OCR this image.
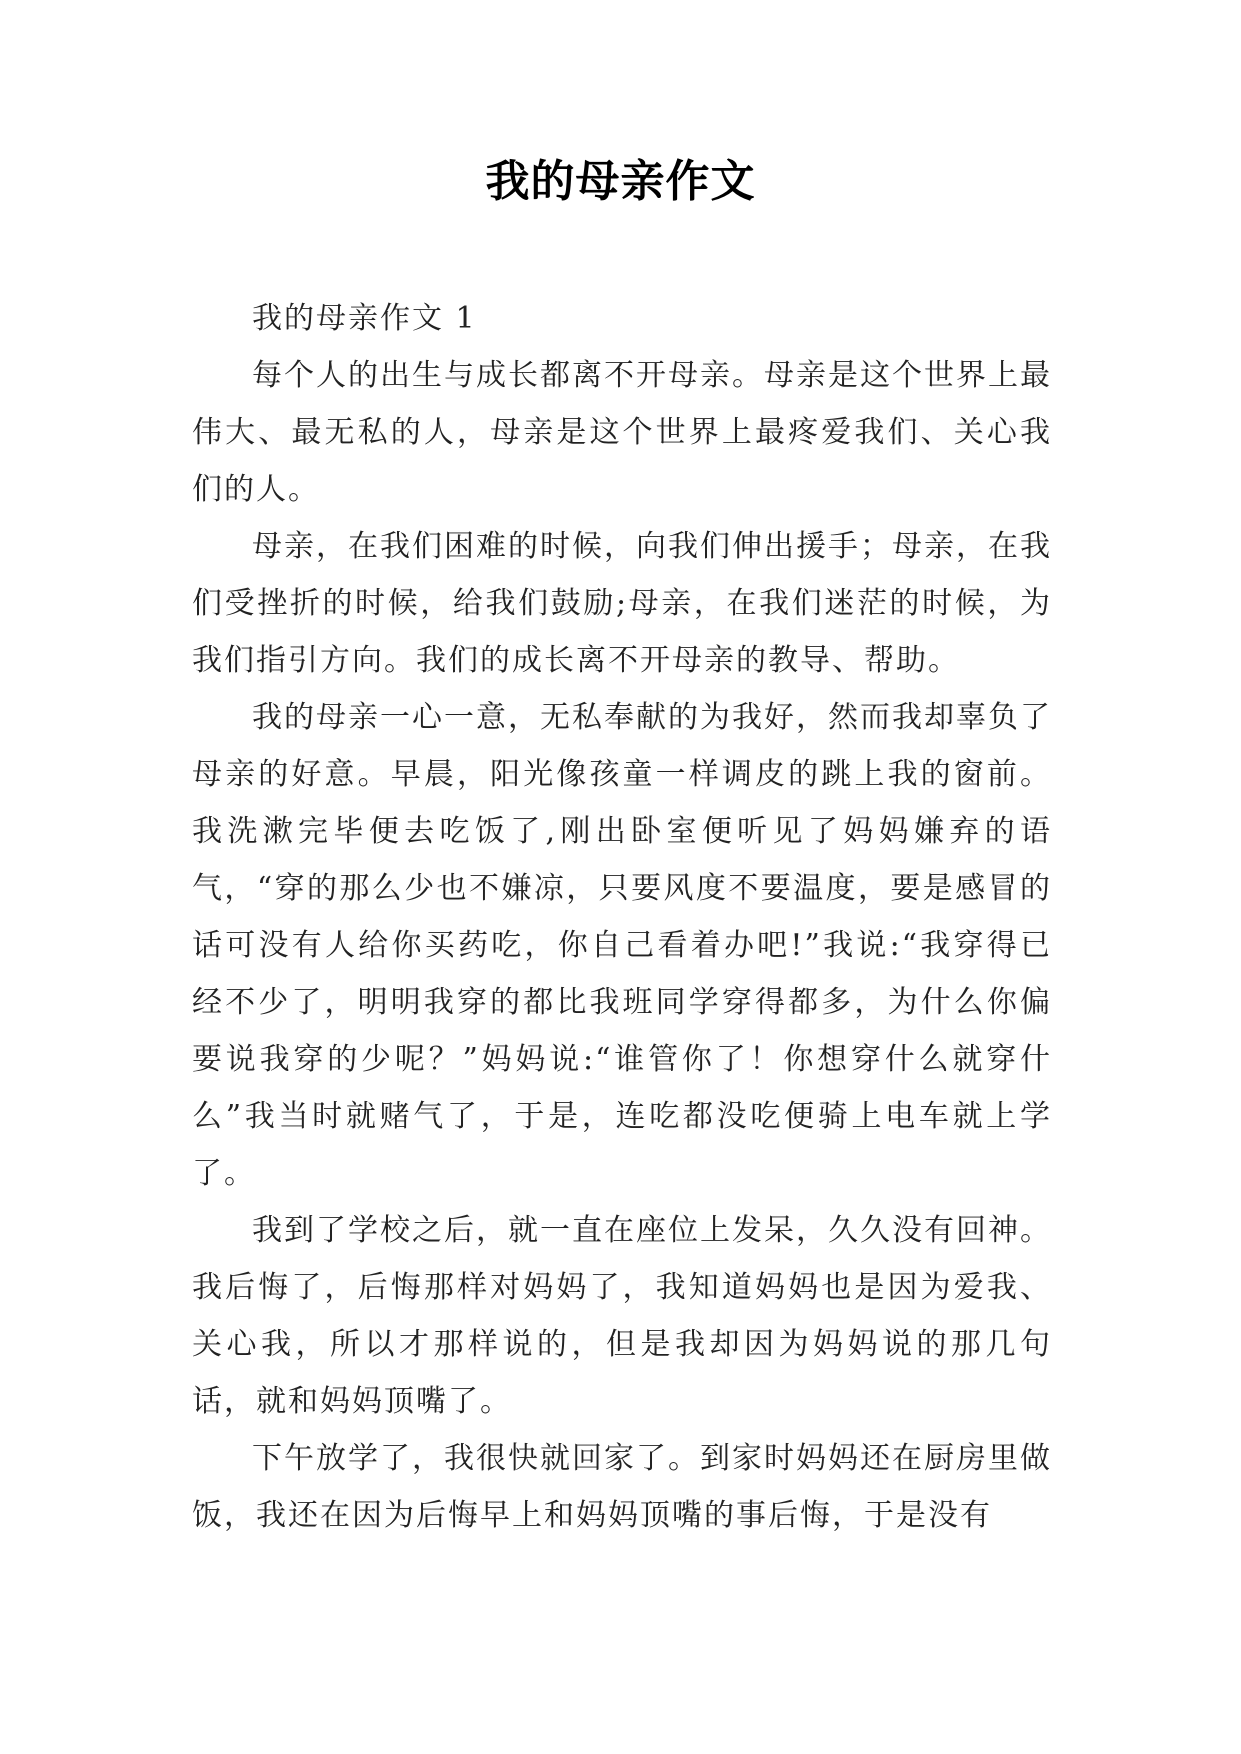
我的母亲作文

我的母亲作文 1

每个人的出生与成长都离不开母亲。母亲是这个世界上最伟大、最无私的人，母亲是这个世界上最疼爱我们、关心我们的人。

母亲，在我们困难的时候，向我们伸出援手；母亲，在我们受挫折的时候，给我们鼓励;母亲，在我们迷茫的时候，为我们指引方向。我们的成长离不开母亲的教导、帮助。

我的母亲一心一意，无私奉献的为我好，然而我却辜负了母亲的好意。早晨，阳光像孩童一样调皮的跳上我的窗前。我洗漱完毕便去吃饭了,刚出卧室便听见了妈妈嫌弃的语气，“穿的那么少也不嫌凉，只要风度不要温度，要是感冒的话可没有人给你买药吃，你自己看着办吧!”我说:“我穿得已经不少了，明明我穿的都比我班同学穿得都多，为什么你偏要说我穿的少呢？”妈妈说:“谁管你了！你想穿什么就穿什么”我当时就赌气了，于是，连吃都没吃便骑上电车就上学了。

我到了学校之后，就一直在座位上发呆，久久没有回神。我后悔了，后悔那样对妈妈了，我知道妈妈也是因为爱我、关心我，所以才那样说的，但是我却因为妈妈说的那几句话，就和妈妈顶嘴了。

下午放学了，我很快就回家了。到家时妈妈还在厨房里做饭，我还在因为后悔早上和妈妈顶嘴的事后悔，于是没有
